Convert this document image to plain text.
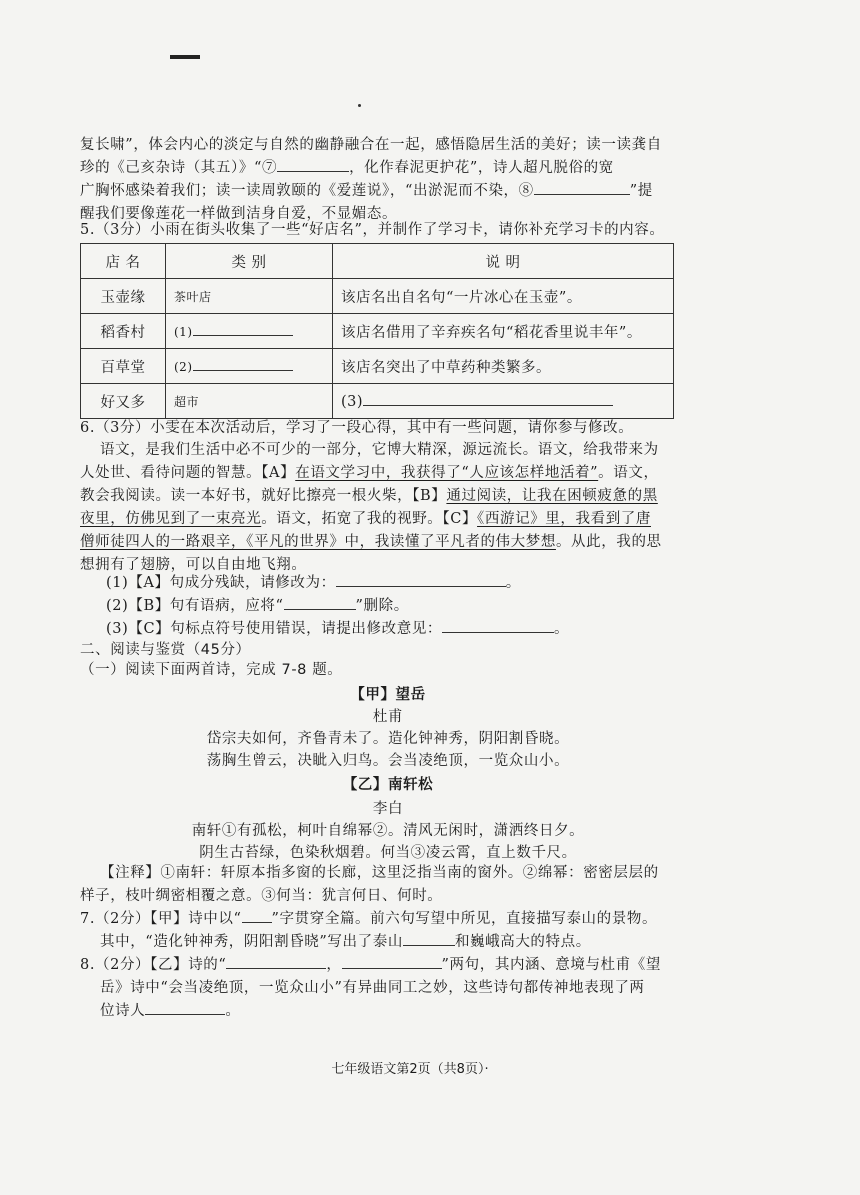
复长啸”，体会内心的淡定与自然的幽静融合在一起，感悟隐居生活的美好；读一读龚自
珍的《己亥杂诗（其五）》“⑦	，化作春泥更护花”，诗人超凡脱俗的宽
广胸怀感染着我们；读一读周敦颐的《爱莲说》，“出淤泥而不染，⑧	”提
醒我们要像莲花一样做到洁身自爱，不显媚态。
5.（3分）小雨在街头收集了一些“好店名”，并制作了学习卡，请你补充学习卡的内容。
店 名	类 别	说 明
玉壶缘	茶叶店	该店名出自名句“一片冰心在玉壶”。
稻香村	(1)	该店名借用了辛弃疾名句“稻花香里说丰年”。
百草堂	(2)	该店名突出了中草药种类繁多。
好又多	超市	(3)
6.（3分）小雯在本次活动后，学习了一段心得，其中有一些问题，请你参与修改。
语文，是我们生活中必不可少的一部分，它博大精深，源远流长。语文，给我带来为
人处世、看待问题的智慧。【A】在语文学习中，我获得了“人应该怎样地活着”。语文，
教会我阅读。读一本好书，就好比擦亮一根火柴，【B】通过阅读，让我在困顿疲惫的黑
夜里，仿佛见到了一束亮光。语文，拓宽了我的视野。【C】《西游记》里，我看到了唐
僧师徒四人的一路艰辛，《平凡的世界》中，我读懂了平凡者的伟大梦想。从此，我的思
想拥有了翅膀，可以自由地飞翔。
(1)【A】句成分残缺，请修改为：	。
(2)【B】句有语病，应将“	”删除。
(3)【C】句标点符号使用错误，请提出修改意见：	。
二、阅读与鉴赏（45分）
（一）阅读下面两首诗，完成 7-8 题。
【甲】望岳
杜甫
岱宗夫如何，齐鲁青未了。造化钟神秀，阴阳割昏晓。
荡胸生曾云，决眦入归鸟。会当凌绝顶，一览众山小。
【乙】南轩松
李白
南轩①有孤松，柯叶自绵幂②。清风无闲时，潇洒终日夕。
阴生古苔绿，色染秋烟碧。何当③凌云霄，直上数千尺。
【注释】①南轩：轩原本指多窗的长廊，这里泛指当南的窗外。②绵幂：密密层层的
样子，枝叶绸密相覆之意。③何当：犹言何日、何时。
7.（2分）【甲】诗中以“ ”字贯穿全篇。前六句写望中所见，直接描写泰山的景物。
其中，“造化钟神秀，阴阳割昏晓”写出了泰山	和巍峨高大的特点。
8.（2分）【乙】诗的“	，	”两句，其内涵、意境与杜甫《望
岳》诗中“会当凌绝顶，一览众山小”有异曲同工之妙，这些诗句都传神地表现了两
位诗人	。
七年级语文第2页（共8页）·
